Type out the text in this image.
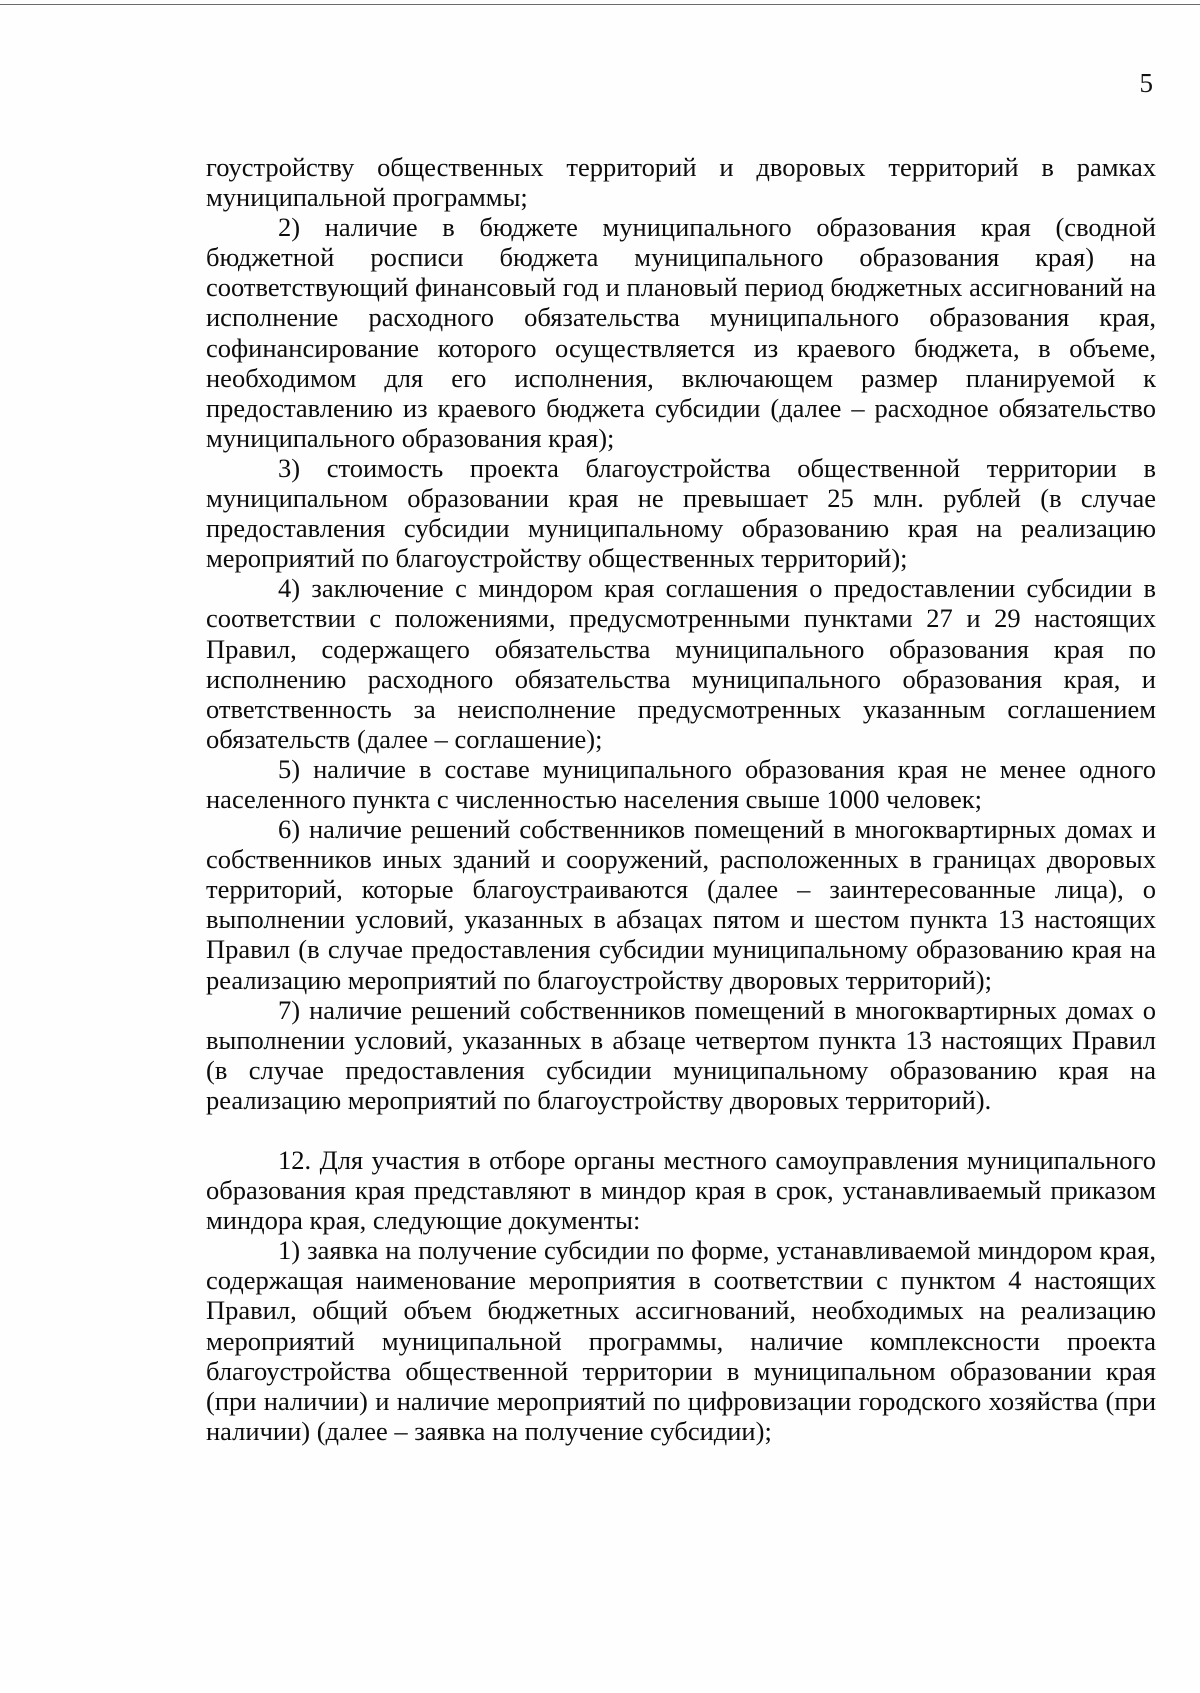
5

гоустройству общественных территорий и дворовых территорий в рамках муниципальной программы;

2) наличие в бюджете муниципального образования края (сводной бюджетной росписи бюджета муниципального образования края) на соответствующий финансовый год и плановый период бюджетных ассигнований на исполнение расходного обязательства муниципального образования края, софинансирование которого осуществляется из краевого бюджета, в объеме, необходимом для его исполнения, включающем размер планируемой к предоставлению из краевого бюджета субсидии (далее – расходное обязательство муниципального образования края);

3) стоимость проекта благоустройства общественной территории в муниципальном образовании края не превышает 25 млн. рублей (в случае предоставления субсидии муниципальному образованию края на реализацию мероприятий по благоустройству общественных территорий);

4) заключение с миндором края соглашения о предоставлении субсидии в соответствии с положениями, предусмотренными пунктами 27 и 29 настоящих Правил, содержащего обязательства муниципального образования края по исполнению расходного обязательства муниципального образования края, и ответственность за неисполнение предусмотренных указанным соглашением обязательств (далее – соглашение);

5) наличие в составе муниципального образования края не менее одного населенного пункта с численностью населения свыше 1000 человек;

6) наличие решений собственников помещений в многоквартирных домах и собственников иных зданий и сооружений, расположенных в границах дворовых территорий, которые благоустраиваются (далее – заинтересованные лица), о выполнении условий, указанных в абзацах пятом и шестом пункта 13 настоящих Правил (в случае предоставления субсидии муниципальному образованию края на реализацию мероприятий по благоустройству дворовых территорий);

7) наличие решений собственников помещений в многоквартирных домах о выполнении условий, указанных в абзаце четвертом пункта 13 настоящих Правил (в случае предоставления субсидии муниципальному образованию края на реализацию мероприятий по благоустройству дворовых территорий).

12. Для участия в отборе органы местного самоуправления муниципального образования края представляют в миндор края в срок, устанавливаемый приказом миндора края, следующие документы:

1) заявка на получение субсидии по форме, устанавливаемой миндором края, содержащая наименование мероприятия в соответствии с пунктом 4 настоящих Правил, общий объем бюджетных ассигнований, необходимых на реализацию мероприятий муниципальной программы, наличие комплексности проекта благоустройства общественной территории в муниципальном образовании края (при наличии) и наличие мероприятий по цифровизации городского хозяйства (при наличии) (далее – заявка на получение субсидии);
